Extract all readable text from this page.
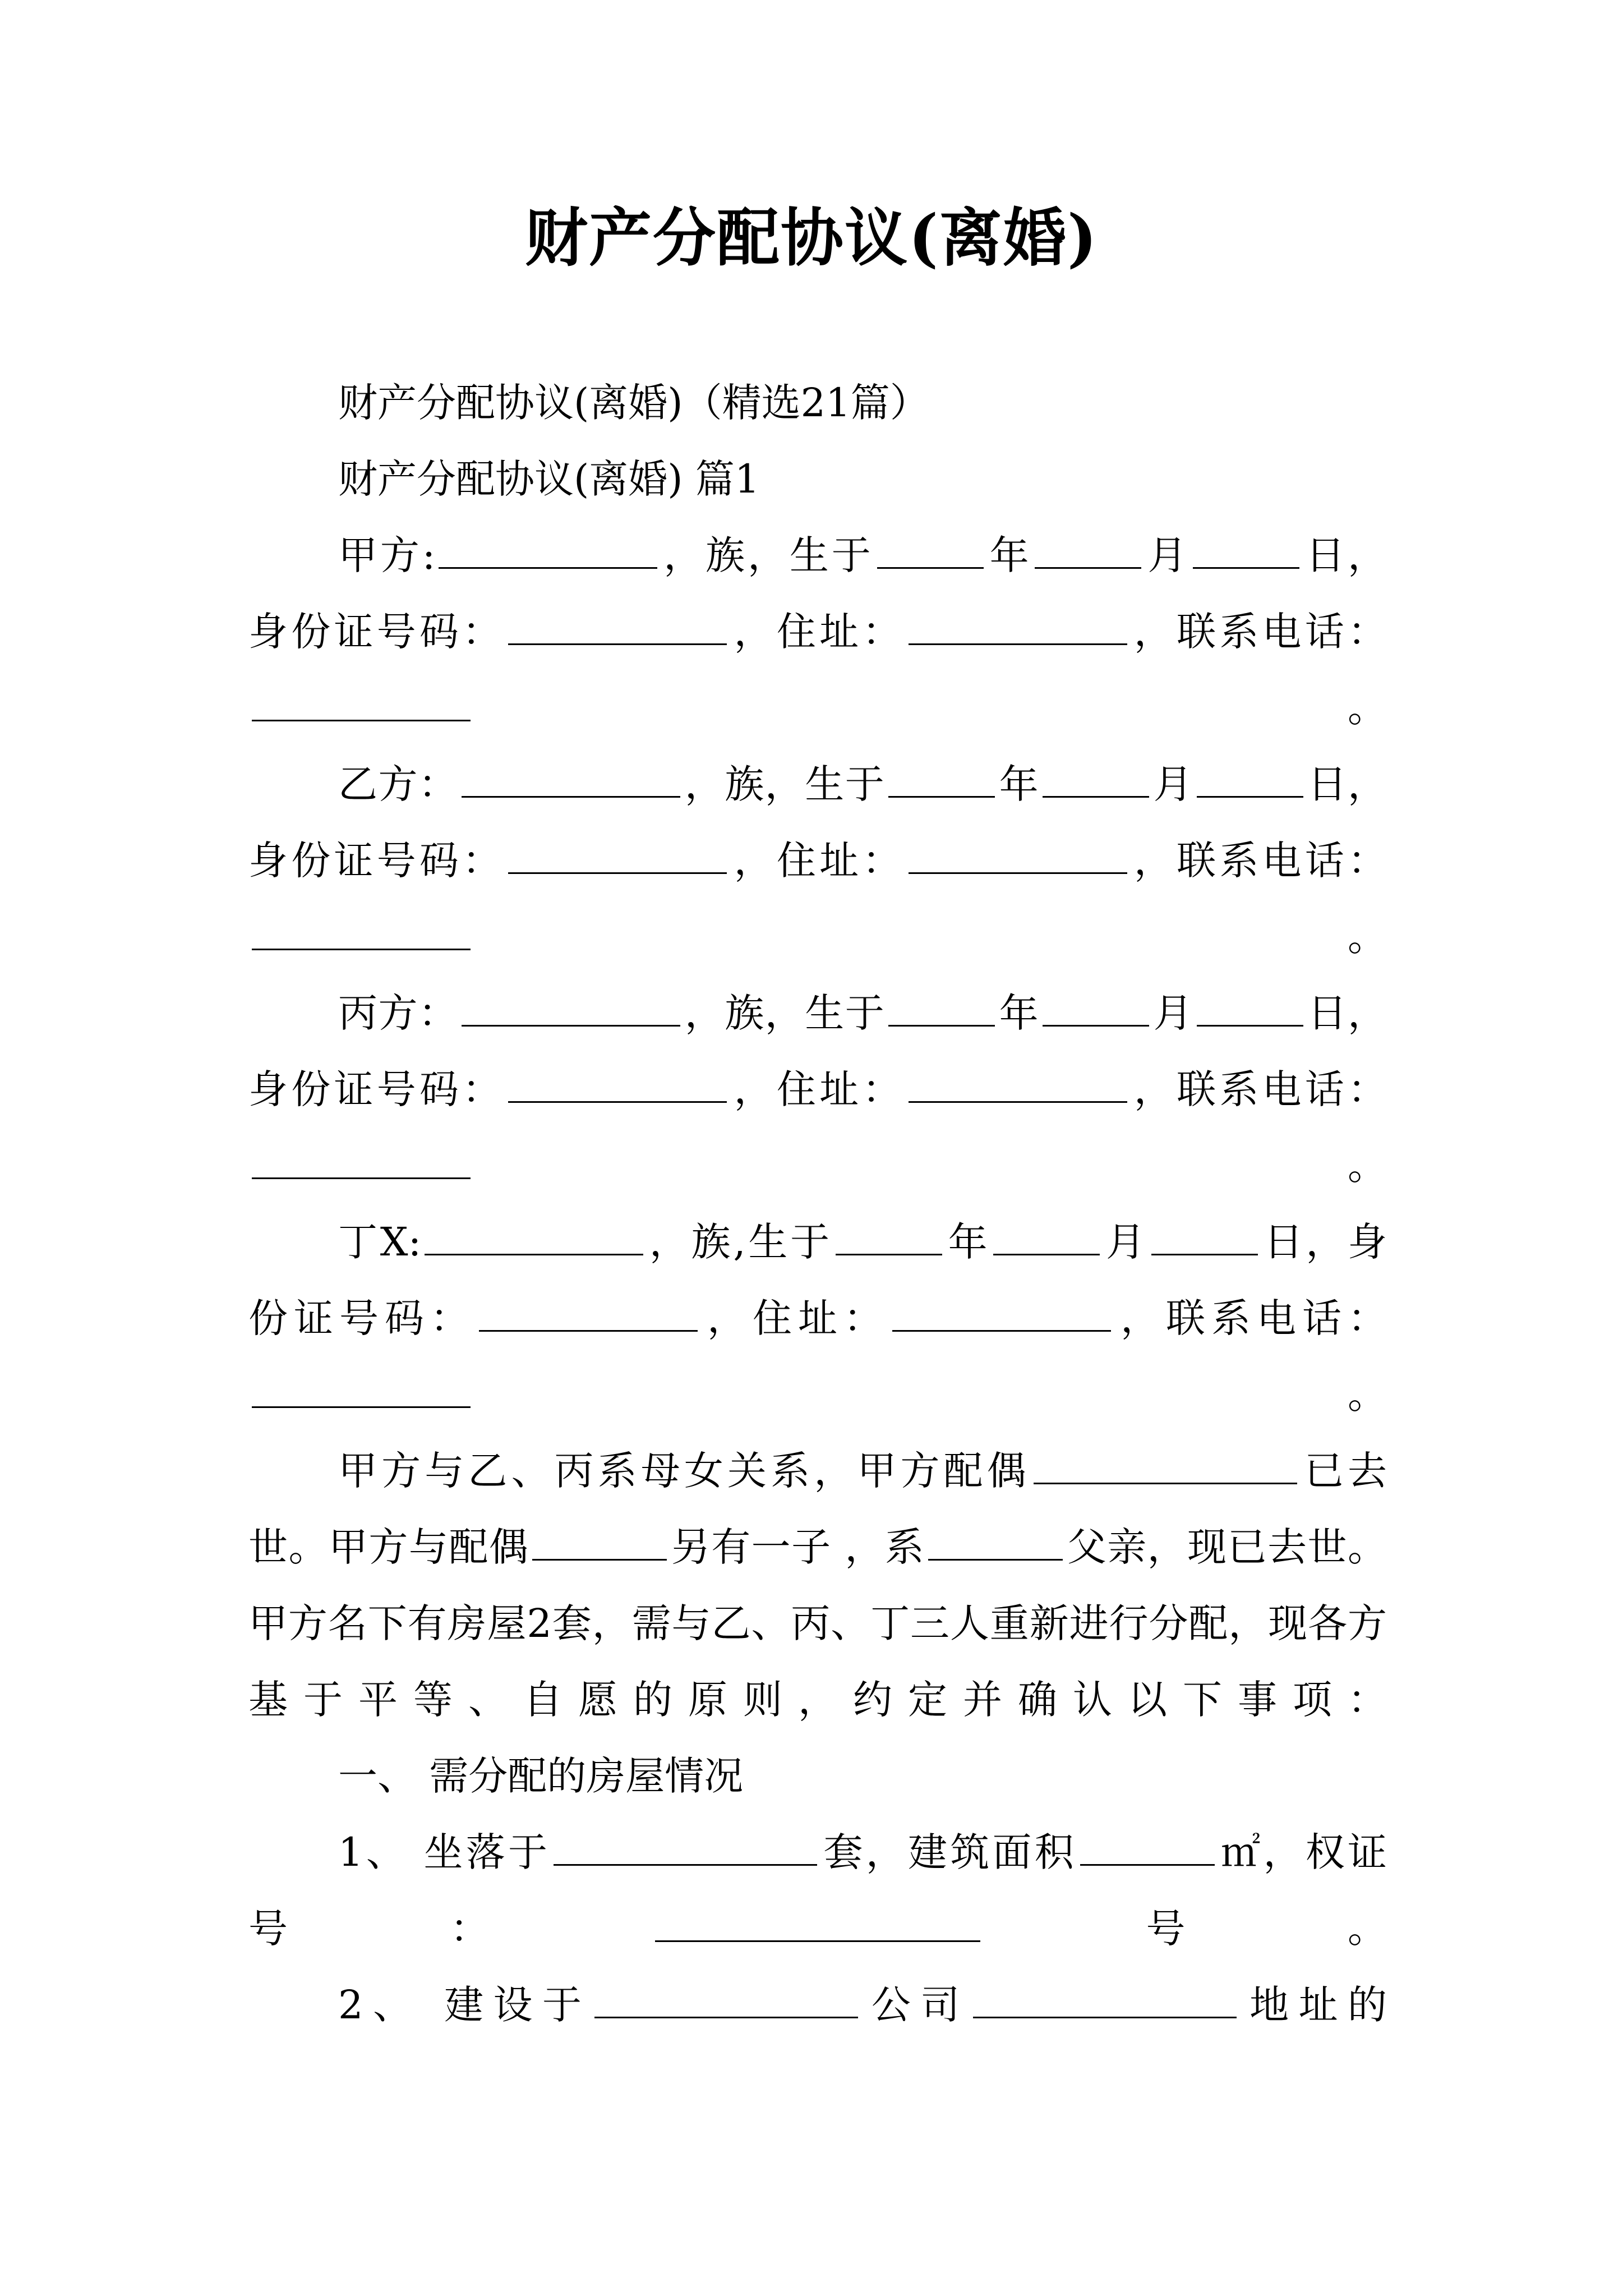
财产分配协议(离婚)

财产分配协议(离婚)（精选21篇）

财产分配协议(离婚) 篇1

甲方:	，族，生于	年	月	日，身份证号码：	，住址：	，联系电话：。

乙方：	，族，生于	年	月	日，身份证号码：	，住址：	，联系电话：。

丙方：	，族，生于	年	月	日，身份证号码：	，住址：	，联系电话：。

丁X:	，族,生于	年	月	日，身份证号码：	，住址：	，联系电话：。

甲方与乙、丙系母女关系，甲方配偶	已去世。甲方与配偶	另有一子 ，系	父亲，现已去世。甲方名下有房屋2套，需与乙、丙、丁三人重新进行分配，现各方基于平等、自愿的原则，约定并确认以下事项：

一、 需分配的房屋情况

1、 坐落于	套，建筑面积	㎡，权证号：	号。

2、 建设于	公司	地址的
